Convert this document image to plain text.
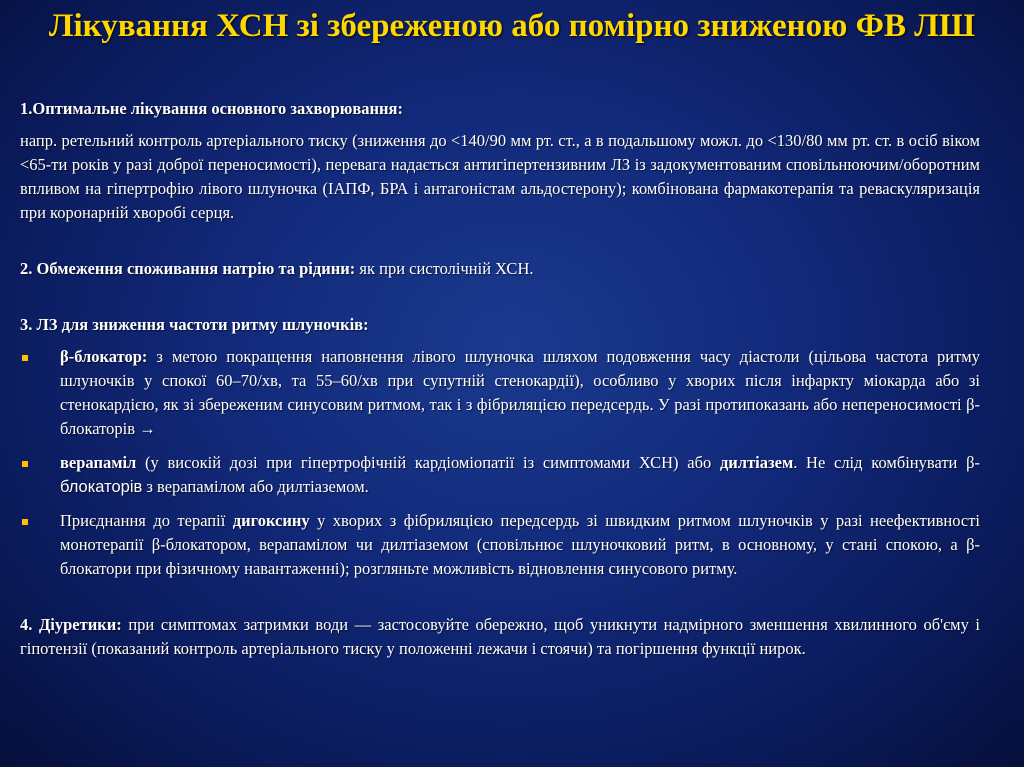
Лікування ХСН зі збереженою або помірно зниженою ФВ ЛШ

1.Оптимальне лікування основного захворювання:

напр. ретельний контроль артеріального тиску (зниження до <140/90 мм рт. ст., а в подальшому можл. до <130/80 мм рт. ст. в осіб віком <65-ти років у разі доброї переносимості), перевага надається антигіпертензивним ЛЗ із задокументованим сповільнюючим/оборотним впливом на гіпертрофію лівого шлуночка (ІАПФ, БРА і антагоністам альдостерону); комбінована фармакотерапія та реваскуляризація при коронарній хворобі серця.

2. Обмеження споживання натрію та рідини: як при систолічній ХСН.

3. ЛЗ для зниження частоти ритму шлуночків:

β-блокатор: з метою покращення наповнення лівого шлуночка шляхом подовження часу діастоли (цільова частота ритму шлуночків у спокої 60–70/хв, та 55–60/хв при супутній стенокардії), особливо у хворих після інфаркту міокарда або зі стенокардією, як зі збереженим синусовим ритмом, так і з фібриляцією передсердь. У разі протипоказань або непереносимості β-блокаторів →

верапаміл (у високій дозі при гіпертрофічній кардіоміопатії із симптомами ХСН) або дилтіазем. Не слід комбінувати β-блокаторів з верапамілом або дилтіаземом.

Приєднання до терапії дигоксину у хворих з фібриляцією передсердь зі швидким ритмом шлуночків у разі неефективності монотерапії β-блокатором, верапамілом чи дилтіаземом (сповільнює шлуночковий ритм, в основному, у стані спокою, а β-блокатори при фізичному навантаженні); розгляньте можливість відновлення синусового ритму.

4. Діуретики: при симптомах затримки води — застосовуйте обережно, щоб уникнути надмірного зменшення хвилинного об'єму і гіпотензії (показаний контроль артеріального тиску у положенні лежачи і стоячи) та погіршення функції нирок.
